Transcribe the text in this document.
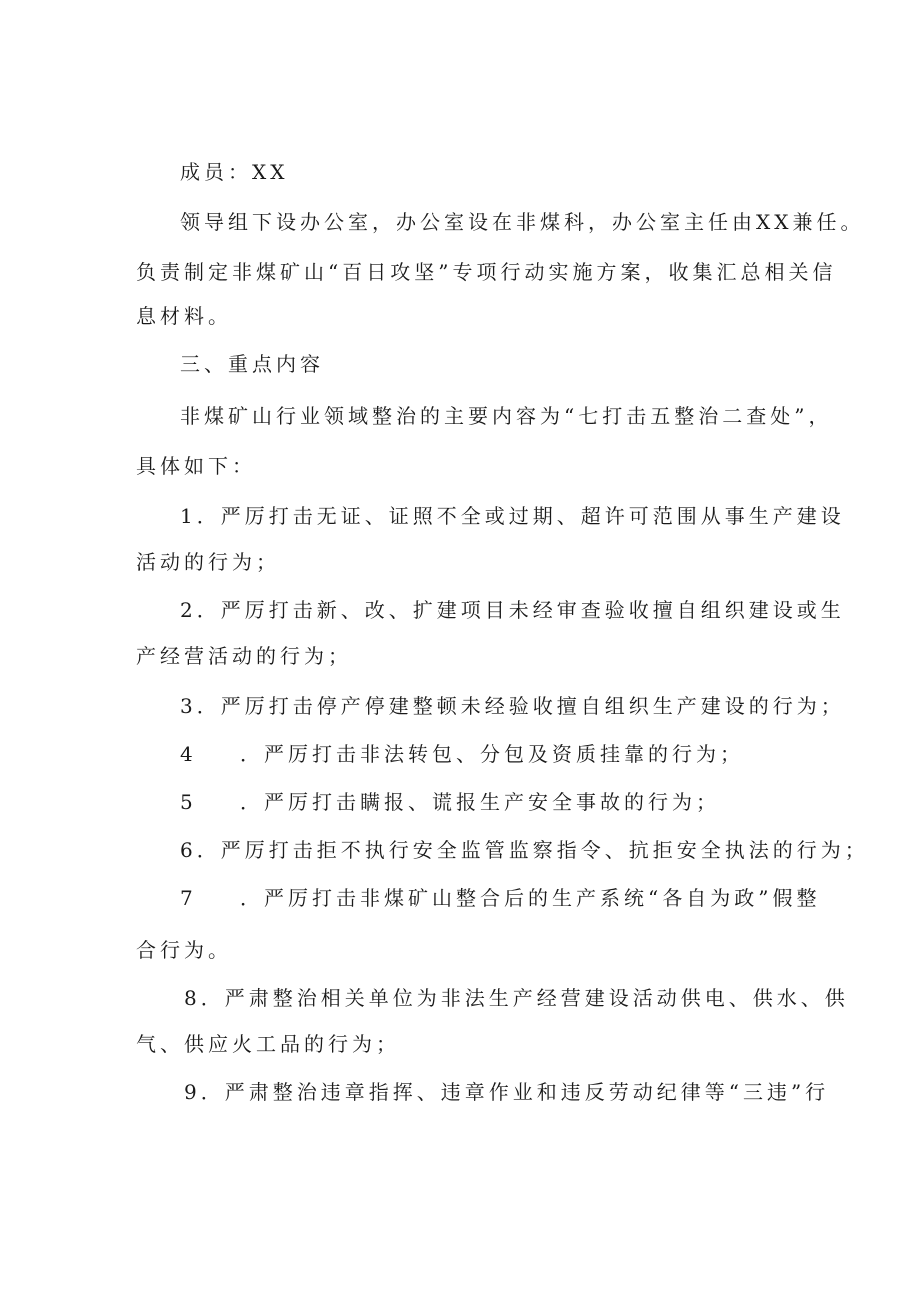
成员：XX
领导组下设办公室，办公室设在非煤科，办公室主任由XX兼任。
负责制定非煤矿山“百日攻坚”专项行动实施方案，收集汇总相关信
息材料。
三、重点内容
非煤矿山行业领域整治的主要内容为“七打击五整治二查处”，
具体如下：
1．严厉打击无证、证照不全或过期、超许可范围从事生产建设
活动的行为；
2．严厉打击新、改、扩建项目未经审查验收擅自组织建设或生
产经营活动的行为；
3．严厉打击停产停建整顿未经验收擅自组织生产建设的行为；
4 ．严厉打击非法转包、分包及资质挂靠的行为；
5 ．严厉打击瞒报、谎报生产安全事故的行为；
6．严厉打击拒不执行安全监管监察指令、抗拒安全执法的行为；
7 ．严厉打击非煤矿山整合后的生产系统“各自为政”假整
合行为。
8．严肃整治相关单位为非法生产经营建设活动供电、供水、供
气、供应火工品的行为；
9．严肃整治违章指挥、违章作业和违反劳动纪律等“三违”行
